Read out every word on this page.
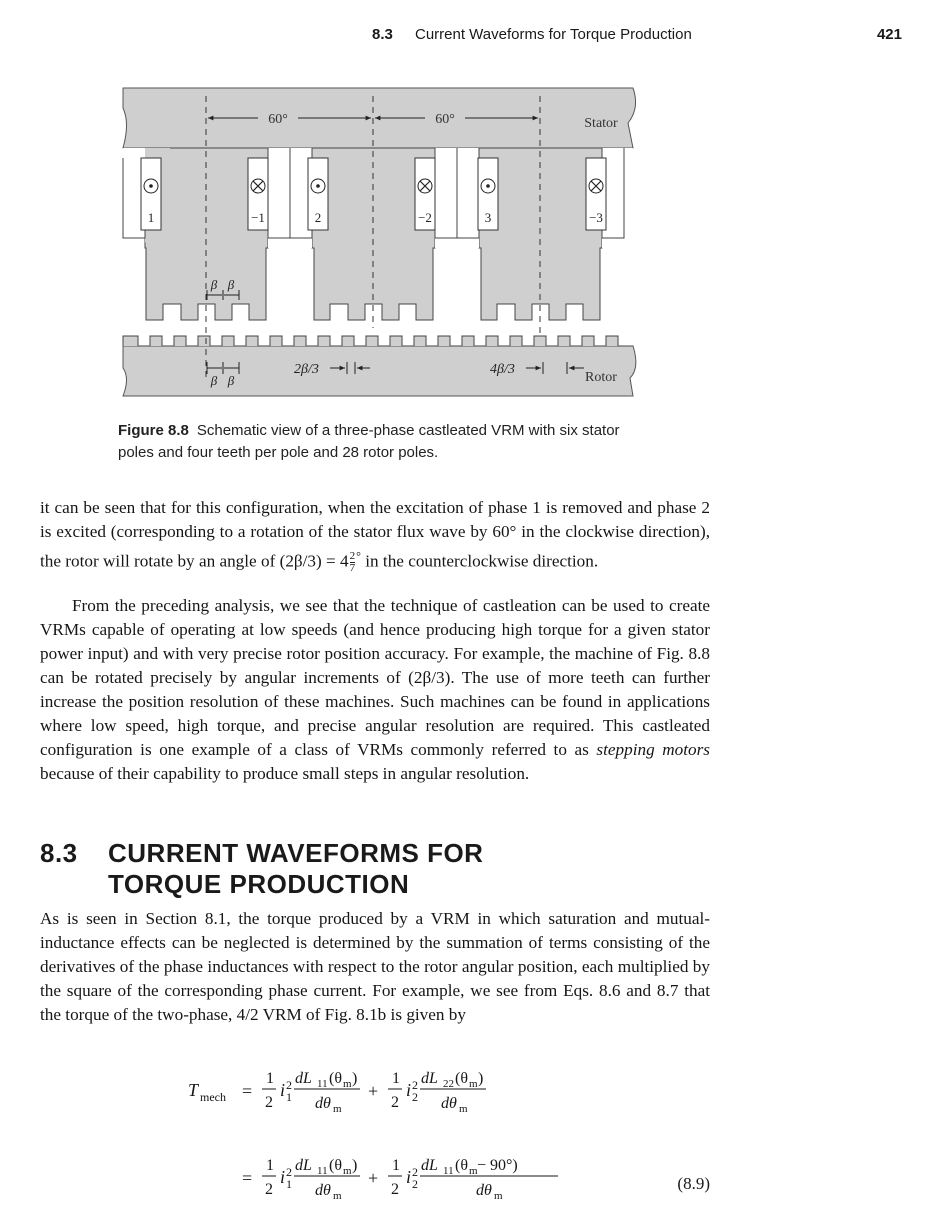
8.3 Current Waveforms for Torque Production	421
1	−1	2	−2	3	−3
60°	60°	Stator
Rotor
β β
β β
2β/3	4β/3
Figure 8.8 Schematic view of a three-phase castleated VRM with six stator poles and four teeth per pole and 28 rotor poles.

it can be seen that for this configuration, when the excitation of phase 1 is removed and phase 2 is excited (corresponding to a rotation of the stator flux wave by 60° in the clockwise direction), the rotor will rotate by an angle of $(2\beta/3) = 4 \frac{2}{7} ^\circ$ in the counterclockwise direction.

From the preceding analysis, we see that the technique of castleation can be used to create VRMs capable of operating at low speeds (and hence producing high torque for a given stator power input) and with very precise rotor position accuracy. For example, the machine of Fig. 8.8 can be rotated precisely by angular increments of (2β/3). The use of more teeth can further increase the position resolution of these machines. Such machines can be found in applications where low speed, high torque, and precise angular resolution are required. This castleated configuration is one example of a class of VRMs commonly referred to as stepping motors because of their capability to produce small steps in angular resolution.

8.3 CURRENT WAVEFORMS FOR
TORQUE PRODUCTION

As is seen in Section 8.1, the torque produced by a VRM in which saturation and mutual-inductance effects can be neglected is determined by the summation of terms consisting of the derivatives of the phase inductances with respect to the rotor angular position, each multiplied by the square of the corresponding phase current. For example, we see from Eqs. 8.6 and 8.7 that the torque of the two-phase, 4/2 VRM of Fig. 8.1b is given by

T mech =
1
2
i 2
1
dL 11 (θ m )
dθ m
+
1
2
i 2
2
dL 22 (θ m )
dθ m
=
1
2
i 2
1
dL 11 (θ m )
dθ m
+
1
2
i 2
2
dL 11 (θ m − 90°)
dθ m
(8.9)
